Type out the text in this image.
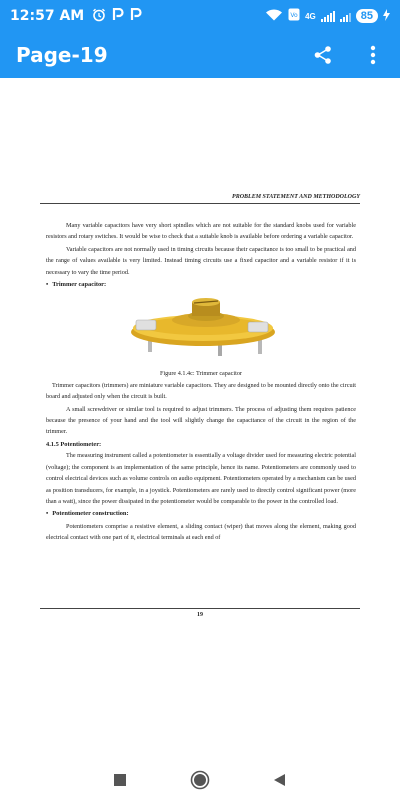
12:57 AM	Vo 4G	85
Page-19
PROBLEM STATEMENT AND METHODOLOGY

Many variable capacitors have very short spindles which are not suitable for the standard knobs used for variable resistors and rotary switches. It would be wise to check that a suitable knob is available before ordering a variable capacitor.

Variable capacitors are not normally used in timing circuits because their capacitance is too small to be practical and the range of values available is very limited. Instead timing circuits use a fixed capacitor and a variable resistor if it is necessary to vary the time period.

• Trimmer capacitor:
Figure 4.1.4c: Trimmer capacitor

Trimmer capacitors (trimmers) are miniature variable capacitors. They are designed to be mounted directly onto the circuit board and adjusted only when the circuit is built.

A small screwdriver or similar tool is required to adjust trimmers. The process of adjusting them requires patience because the presence of your hand and the tool will slightly change the capacitance of the circuit in the region of the trimmer.

4.1.5 Potentiometer:

The measuring instrument called a potentiometer is essentially a voltage divider used for measuring electric potential (voltage); the component is an implementation of the same principle, hence its name. Potentiometers are commonly used to control electrical devices such as volume controls on audio equipment. Potentiometers operated by a mechanism can be used as position transducers, for example, in a joystick. Potentiometers are rarely used to directly control significant power (more than a watt), since the power dissipated in the potentiometer would be comparable to the power in the controlled load.

• Potentiometer construction:

Potentiometers comprise a resistive element, a sliding contact (wiper) that moves along the element, making good electrical contact with one part of it, electrical terminals at each end of

19
